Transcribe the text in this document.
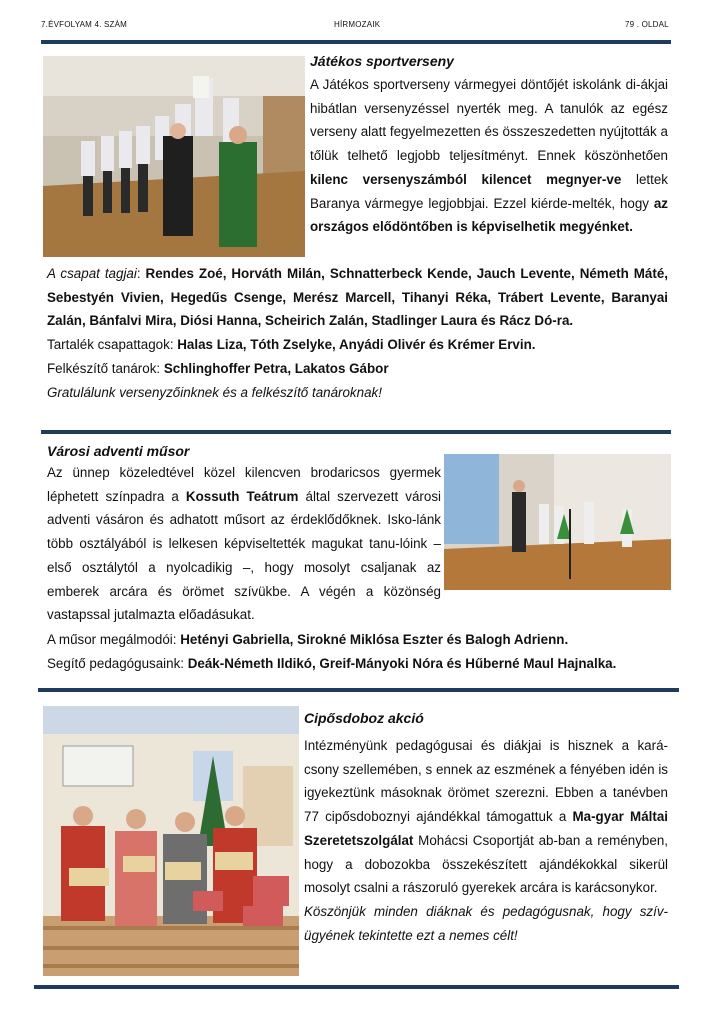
7.ÉVFOLYAM 4. SZÁM	HÍRMOZAIK	79 . OLDAL
Játékos sportverseny

A Játékos sportverseny vármegyei döntőjét iskolánk di-ákjai hibátlan versenyzéssel nyerték meg. A tanulók az egész verseny alatt fegyelmezetten és összeszedetten nyújtották a tőlük telhető legjobb teljesítményt. Ennek köszönhetően kilenc versenyszámból kilencet megnyer-ve lettek Baranya vármegye legjobbjai. Ezzel kiérde-melték, hogy az országos elődöntőben is képviselhetik megyénket.

A csapat tagjai: Rendes Zoé, Horváth Milán, Schnatterbeck Kende, Jauch Levente, Németh Máté, Sebestyén Vivien, Hegedűs Csenge, Merész Marcell, Tihanyi Réka, Trábert Levente, Baranyai Zalán, Bánfalvi Mira, Diósi Hanna, Scheirich Zalán, Stadlinger Laura és Rácz Dó-ra.

Tartalék csapattagok: Halas Liza, Tóth Zselyke, Anyádi Olivér és Krémer Ervin.

Felkészítő tanárok: Schlinghoffer Petra, Lakatos Gábor

Gratulálunk versenyzőinknek és a felkészítő tanároknak!

Városi adventi műsor

Az ünnep közeledtével közel kilencven brodaricsos gyermek léphetett színpadra a Kossuth Teátrum által szervezett városi adventi vásáron és adhatott műsort az érdeklődőknek. Isko-lánk több osztályából is lelkesen képviseltették magukat tanu-lóink – első osztálytól a nyolcadikig –, hogy mosolyt csaljanak az emberek arcára és örömet szívükbe. A végén a közönség vastapssal jutalmazta előadásukat.

A műsor megálmodói: Hetényi Gabriella, Sirokné Miklósa Eszter és Balogh Adrienn.

Segítő pedagógusaink: Deák-Németh Ildikó, Greif-Mányoki Nóra és Hűberné Maul Hajnalka.

Cipősdoboz akció

Intézményünk pedagógusai és diákjai is hisznek a kará-csony szellemében, s ennek az eszmének a fényében idén is igyekeztünk másoknak örömet szerezni. Ebben a tanévben 77 cipősdoboznyi ajándékkal támogattuk a Ma-gyar Máltai Szeretetszolgálat Mohácsi Csoportját ab-ban a reményben, hogy a dobozokba összekészített ajándékokkal sikerül mosolyt csalni a rászoruló gyerekek arcára is karácsonykor.

Köszönjük minden diáknak és pedagógusnak, hogy szív-ügyének tekintette ezt a nemes célt!
